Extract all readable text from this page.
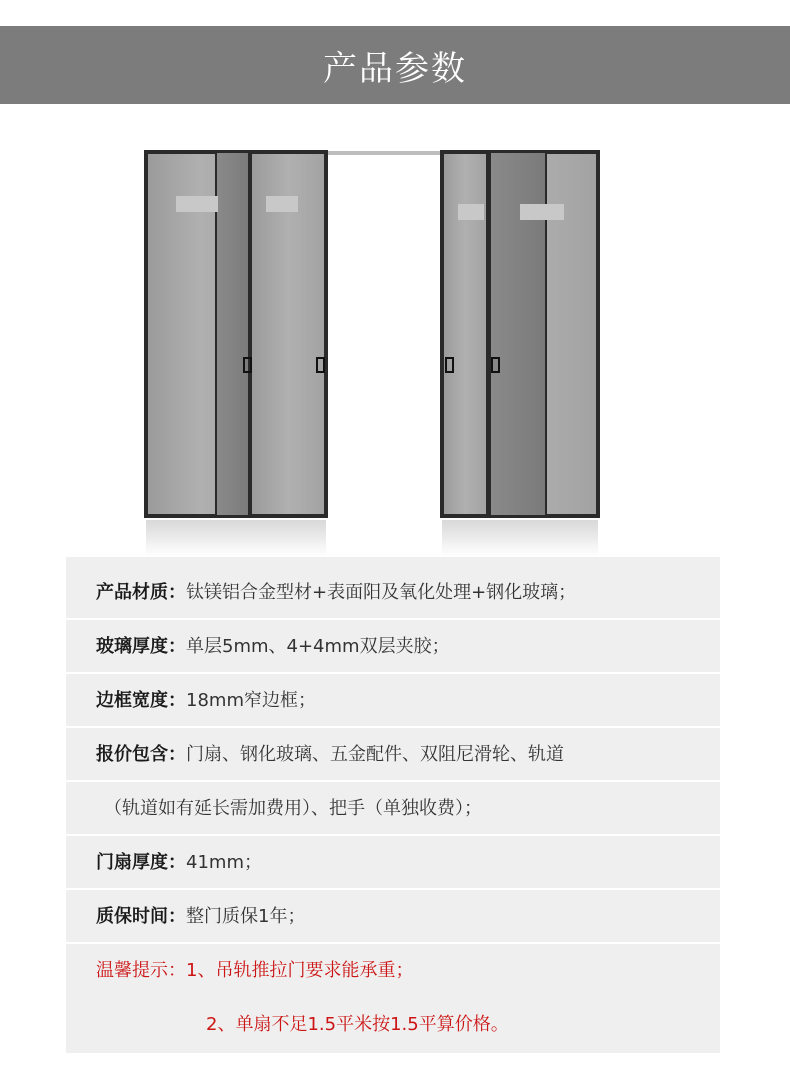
产品参数
产品材质： 钛镁铝合金型材+表面阳及氧化处理+钢化玻璃；
玻璃厚度： 单层5mm、4+4mm双层夹胶；
边框宽度： 18mm窄边框；
报价包含： 门扇、钢化玻璃、五金配件、双阻尼滑轮、轨道
（轨道如有延长需加费用）、把手（单独收费）；
门扇厚度： 41mm；
质保时间： 整门质保1年；
温馨提示： 1、吊轨推拉门要求能承重；
2、单扇不足1.5平米按1.5平算价格。
